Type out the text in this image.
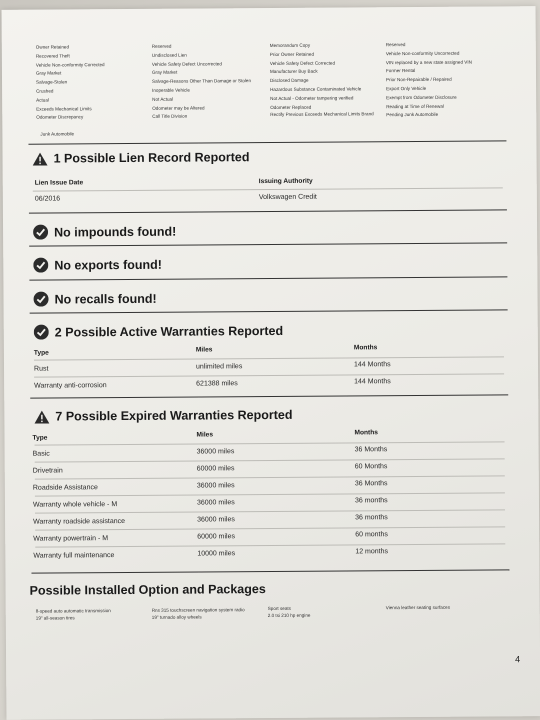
Owner Retained
Recovered Theft
Vehicle Non-conformity Corrected
Gray Market
Salvage-Stolen
Crushed
Actual
Exceeds Mechanical Limits
Odometer Discrepancy
Reserved
Undisclosed Lien
Vehicle Safety Defect Uncorrected
Gray Market
Salvage-Reasons Other Than Damage or Stolen
Inoperable Vehicle
Not Actual
Odometer may be Altered
Call Title Division
Memorandum Copy
Prior Owner Retained
Vehicle Safety Defect Corrected
Manufacturer Buy Back
Disclosed Damage
Hazardous Substance Contaminated Vehicle
Not Actual - Odometer tampering verified
Odometer Replaced
Rectify Previous Exceeds Mechanical Limits Brand
Reserved
Vehicle Non-conformity Uncorrected
VIN replaced by a new state assigned VIN
Former Rental
Prior Non-Repairable / Repaired
Export Only Vehicle
Exempt from Odometer Disclosure
Reading at Time of Renewal
Pending Junk Automobile
Junk Automobile
1 Possible Lien Record Reported
Lien Issue Date	Issuing Authority
06/2016	Volkswagen Credit
No impounds found!
No exports found!
No recalls found!
2 Possible Active Warranties Reported
Type	Miles	Months
Rust	unlimited miles	144 Months
Warranty anti-corrosion	621388 miles	144 Months
7 Possible Expired Warranties Reported
Type	Miles	Months
Basic	36000 miles	36 Months
Drivetrain	60000 miles	60 Months
Roadside Assistance	36000 miles	36 Months
Warranty whole vehicle - M	36000 miles	36 months
Warranty roadside assistance	36000 miles	36 months
Warranty powertrain - M	60000 miles	60 months
Warranty full maintenance	10000 miles	12 months
Possible Installed Option and Packages
8-speed auto automatic transmission
19" all-season tires
Rns 315 touchscreen navigation system radio
19" turnado alloy wheels
Sport seats
2.0 tsi 210 hp engine
Vienna leather seating surfaces
4
